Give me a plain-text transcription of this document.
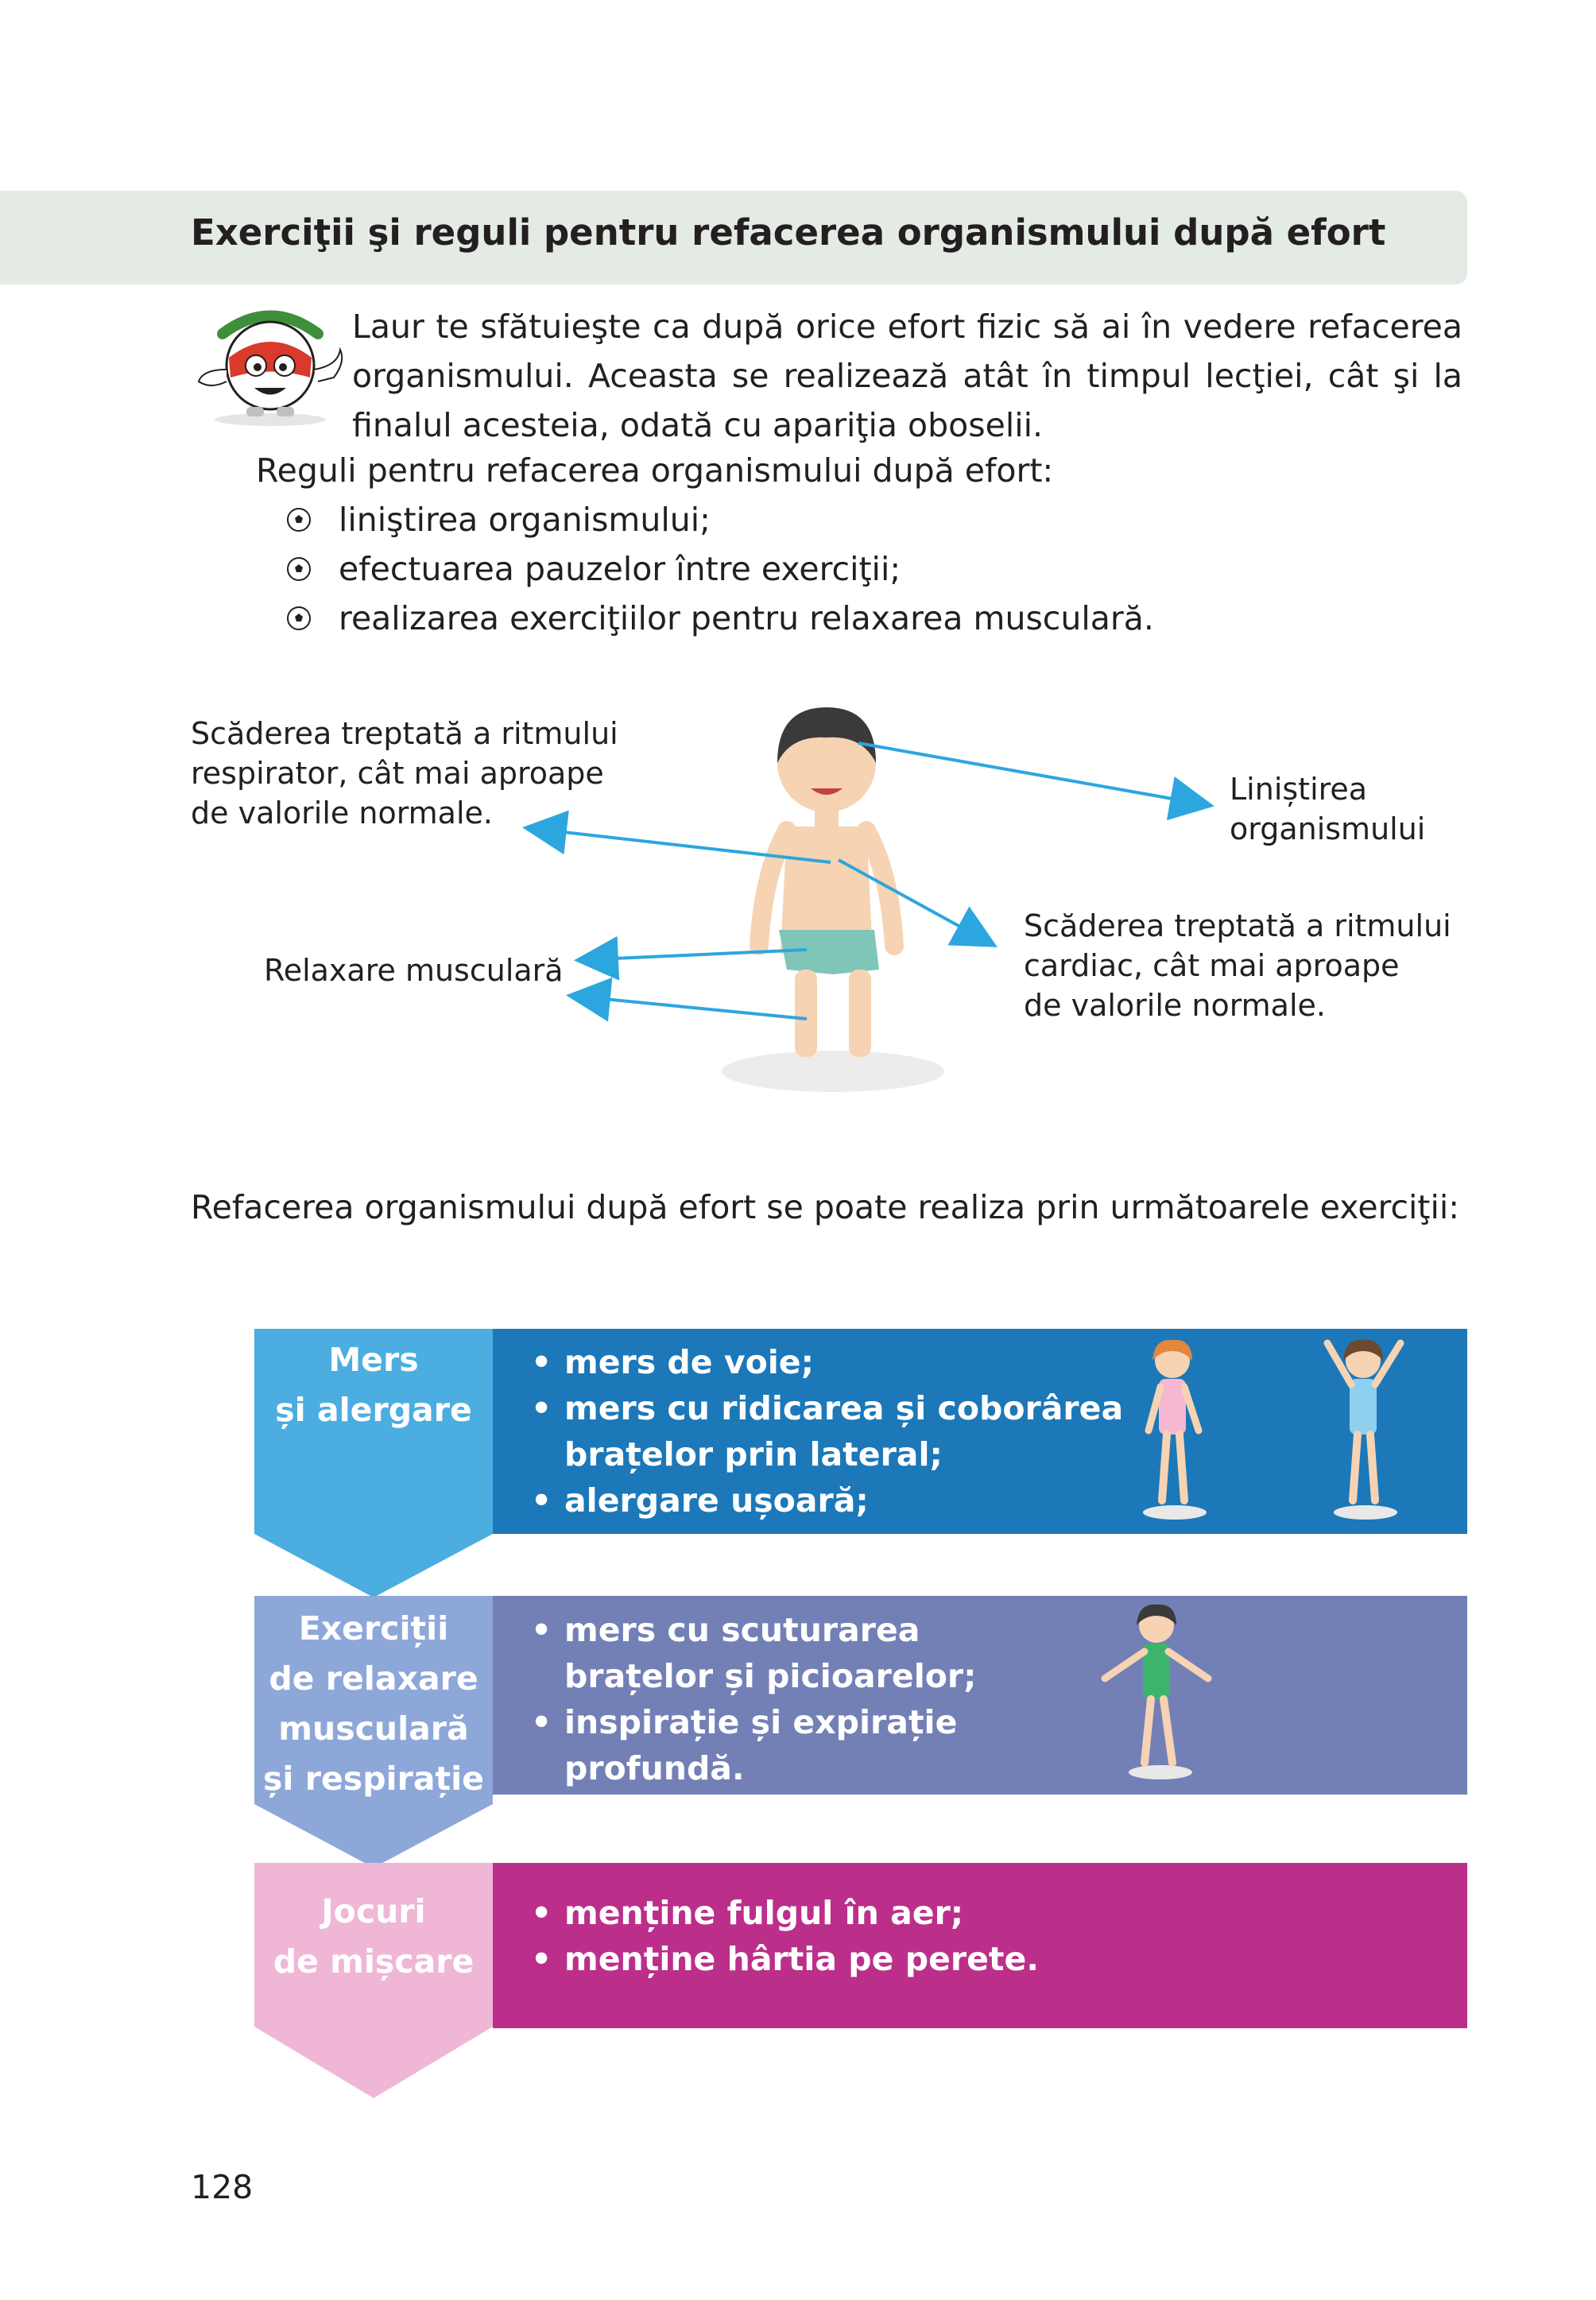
Exerciţii şi reguli pentru refacerea organismului după efort
Laur te sfătuieşte ca după orice efort fizic să ai în vedere refacerea
organismului. Aceasta se realizează atât în timpul lecţiei, cât şi la
finalul acesteia, odată cu apariţia oboselii.
Reguli pentru refacerea organismului după efort:
liniştirea organismului;
efectuarea pauzelor între exerciţii;
realizarea exerciţiilor pentru relaxarea musculară.
Scăderea treptată a ritmului
respirator, cât mai aproape
de valorile normale.
Liniștirea
organismului
Relaxare musculară
Scăderea treptată a ritmului
cardiac, cât mai aproape
de valorile normale.
Refacerea organismului după efort se poate realiza prin următoarele exerciţii:
Mers
și alergare
• mers de voie;
• mers cu ridicarea și coborârea
brațelor prin lateral;
• alergare ușoară;
Exerciții
de relaxare
musculară
și respirație
• mers cu scuturarea
brațelor și picioarelor;
• inspirație și expirație
profundă.
Jocuri
de mișcare
• menține fulgul în aer;
• menține hârtia pe perete.
128
